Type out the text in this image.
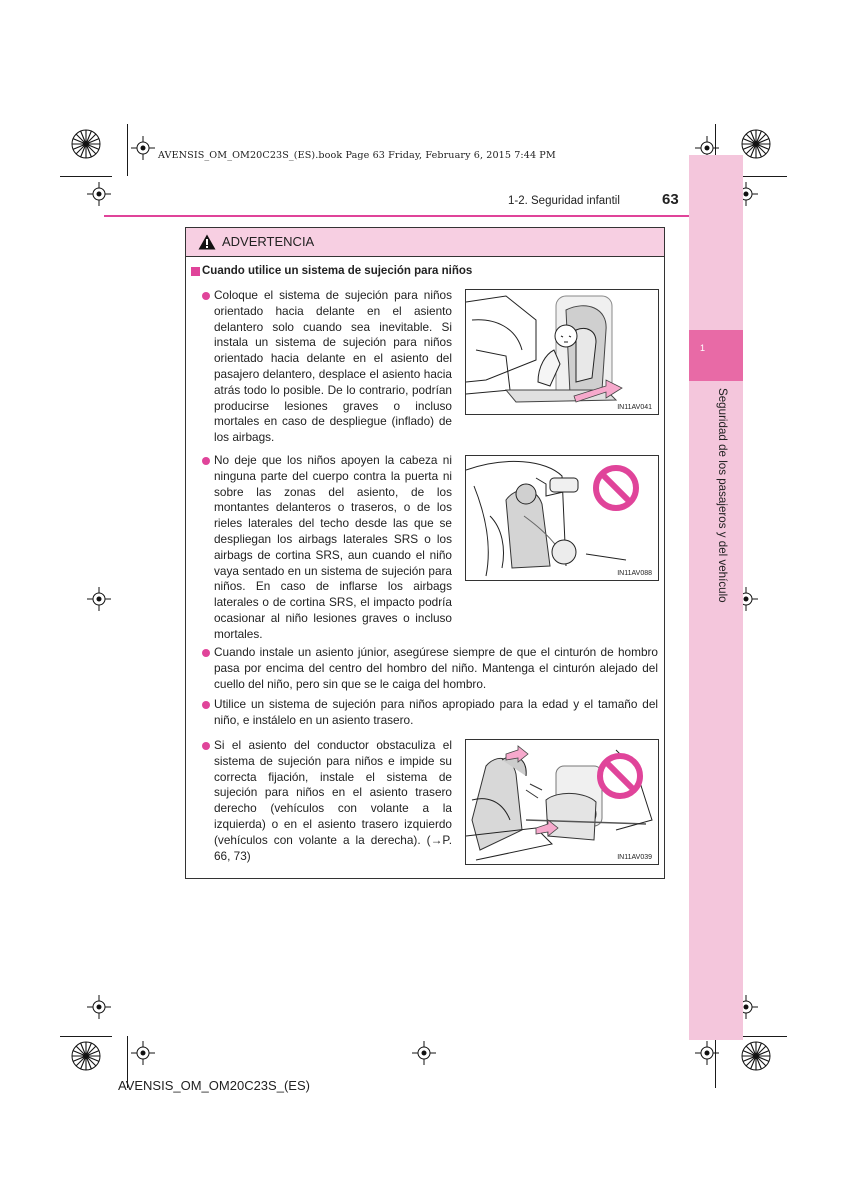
AVENSIS_OM_OM20C23S_(ES).book Page 63 Friday, February 6, 2015 7:44 PM
1
Seguridad de los pasajeros y del vehículo
1-2. Seguridad infantil	63
ADVERTENCIA
Cuando utilice un sistema de sujeción para niños
Coloque el sistema de sujeción para niños orientado hacia delante en el asiento delantero solo cuando sea inevitable. Si instala un sistema de sujeción para niños orientado hacia delante en el asiento del pasajero delantero, desplace el asiento hacia atrás todo lo posible. De lo contrario, podrían producirse lesiones graves o incluso mortales en caso de despliegue (inflado) de los airbags.
IN11AV041
No deje que los niños apoyen la cabeza ni ninguna parte del cuerpo contra la puerta ni sobre las zonas del asiento, de los montantes delanteros o traseros, o de los rieles laterales del techo desde las que se despliegan los airbags laterales SRS o los airbags de cortina SRS, aun cuando el niño vaya sentado en un sistema de sujeción para niños. En caso de inflarse los airbags laterales o de cortina SRS, el impacto podría ocasionar al niño lesiones graves o incluso mortales.
IN11AV088
Cuando instale un asiento júnior, asegúrese siempre de que el cinturón de hombro pasa por encima del centro del hombro del niño. Mantenga el cinturón alejado del cuello del niño, pero sin que se le caiga del hombro.
Utilice un sistema de sujeción para niños apropiado para la edad y el tamaño del niño, e instálelo en un asiento trasero.
Si el asiento del conductor obstaculiza el sistema de sujeción para niños e impide su correcta fijación, instale el sistema de sujeción para niños en el asiento trasero derecho (vehículos con volante a la izquierda) o en el asiento trasero izquierdo (vehículos con volante a la derecha). (→P. 66, 73)	IN11AV039
AVENSIS_OM_OM20C23S_(ES)
